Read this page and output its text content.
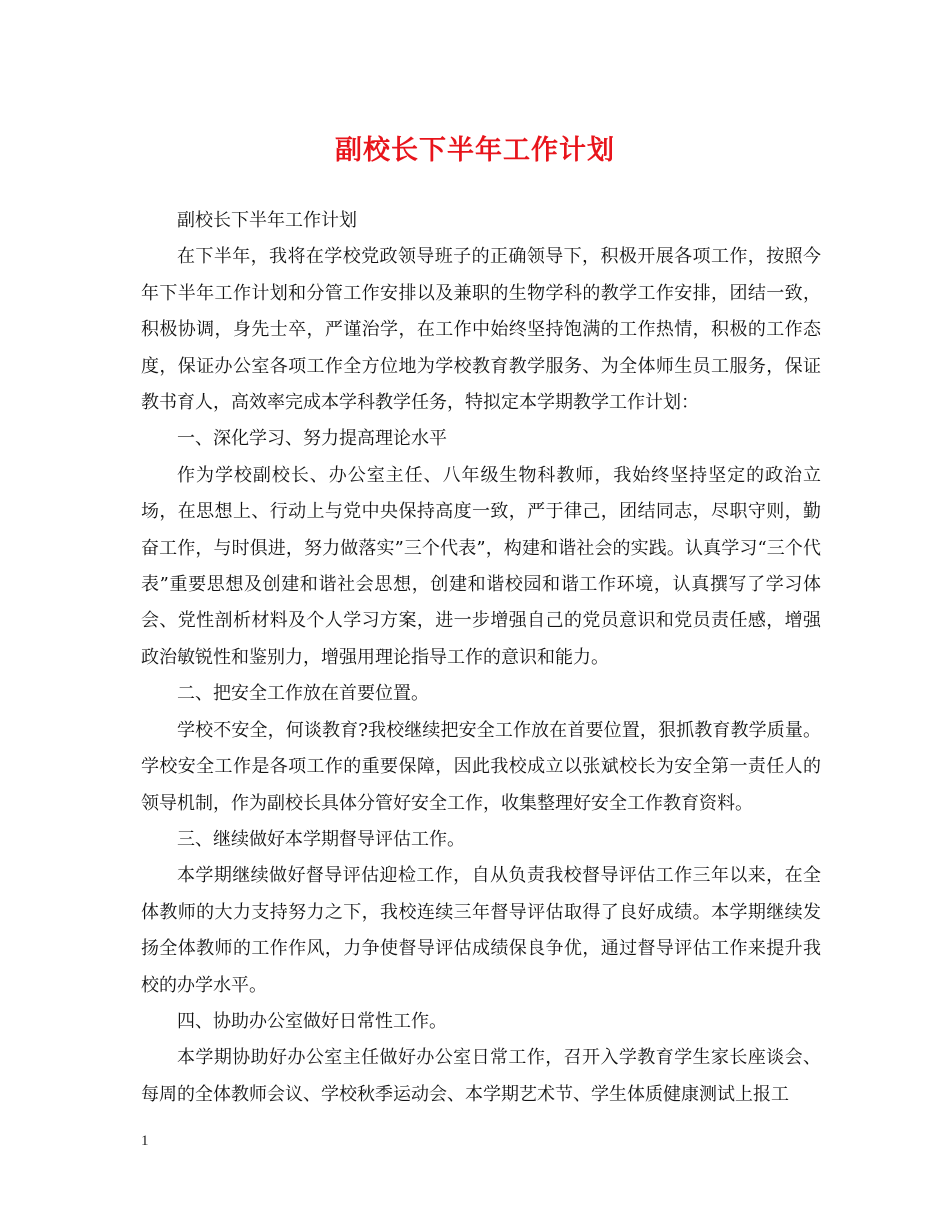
副校长下半年工作计划

副校长下半年工作计划

在下半年，我将在学校党政领导班子的正确领导下，积极开展各项工作，按照今年下半年工作计划和分管工作安排以及兼职的生物学科的教学工作安排，团结一致，积极协调，身先士卒，严谨治学，在工作中始终坚持饱满的工作热情，积极的工作态度，保证办公室各项工作全方位地为学校教育教学服务、为全体师生员工服务，保证教书育人，高效率完成本学科教学任务，特拟定本学期教学工作计划：

一、深化学习、努力提高理论水平

作为学校副校长、办公室主任、八年级生物科教师，我始终坚持坚定的政治立场，在思想上、行动上与党中央保持高度一致，严于律己，团结同志，尽职守则，勤奋工作，与时俱进，努力做落实”三个代表”，构建和谐社会的实践。认真学习“三个代表”重要思想及创建和谐社会思想，创建和谐校园和谐工作环境，认真撰写了学习体会、党性剖析材料及个人学习方案，进一步增强自己的党员意识和党员责任感，增强政治敏锐性和鉴别力，增强用理论指导工作的意识和能力。

二、把安全工作放在首要位置。

学校不安全，何谈教育?我校继续把安全工作放在首要位置，狠抓教育教学质量。学校安全工作是各项工作的重要保障，因此我校成立以张斌校长为安全第一责任人的领导机制，作为副校长具体分管好安全工作，收集整理好安全工作教育资料。

三、继续做好本学期督导评估工作。

本学期继续做好督导评估迎检工作，自从负责我校督导评估工作三年以来，在全体教师的大力支持努力之下，我校连续三年督导评估取得了良好成绩。本学期继续发扬全体教师的工作作风，力争使督导评估成绩保良争优，通过督导评估工作来提升我校的办学水平。

四、协助办公室做好日常性工作。

本学期协助好办公室主任做好办公室日常工作，召开入学教育学生家长座谈会、每周的全体教师会议、学校秋季运动会、本学期艺术节、学生体质健康测试上报工

1
